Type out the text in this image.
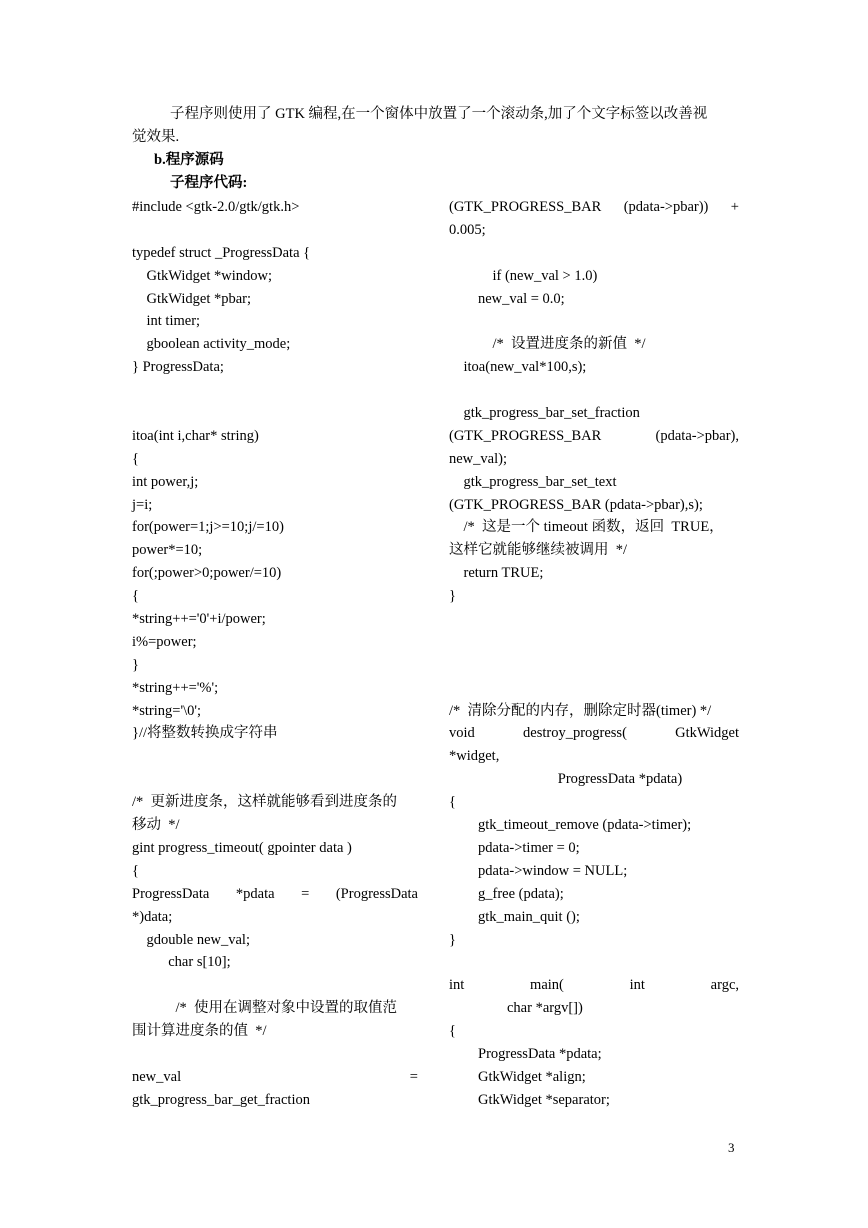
子程序则使用了 GTK 编程,在一个窗体中放置了一个滚动条,加了个文字标签以改善视
觉效果.

b.程序源码

子程序代码:

#include <gtk-2.0/gtk/gtk.h>
typedef struct _ProgressData {
GtkWidget *window;
GtkWidget *pbar;
int timer;
gboolean activity_mode;
} ProgressData;
itoa(int i,char* string)
{
int power,j;
j=i;
for(power=1;j>=10;j/=10)
power*=10;
for(;power>0;power/=10)
{
*string++='0'+i/power;
i%=power;
}
*string++='%';
*string='\0';
}//将整数转换成字符串
/*  更新进度条，这样就能够看到进度条的
移动  */
gint progress_timeout( gpointer data )
{
ProgressData *pdata = (ProgressData
*)data;
gdouble new_val;
char s[10];
/*  使用在调整对象中设置的取值范
围计算进度条的值  */
new_val =
gtk_progress_bar_get_fraction
(GTK_PROGRESS_BAR (pdata->pbar)) +
0.005;
if (new_val > 1.0)
new_val = 0.0;
/*  设置进度条的新值  */
itoa(new_val*100,s);
gtk_progress_bar_set_fraction
(GTK_PROGRESS_BAR (pdata->pbar),
new_val);
gtk_progress_bar_set_text
(GTK_PROGRESS_BAR (pdata->pbar),s);
/*  这是一个 timeout 函数，返回  TRUE，
这样它就能够继续被调用  */
return TRUE;
}
/*  清除分配的内存，删除定时器(timer) */
void destroy_progress( GtkWidget
*widget,
ProgressData *pdata)
{
gtk_timeout_remove (pdata->timer);
pdata->timer = 0;
pdata->window = NULL;
g_free (pdata);
gtk_main_quit ();
}
int main( int argc,
char *argv[])
{
ProgressData *pdata;
GtkWidget *align;
GtkWidget *separator;
3
